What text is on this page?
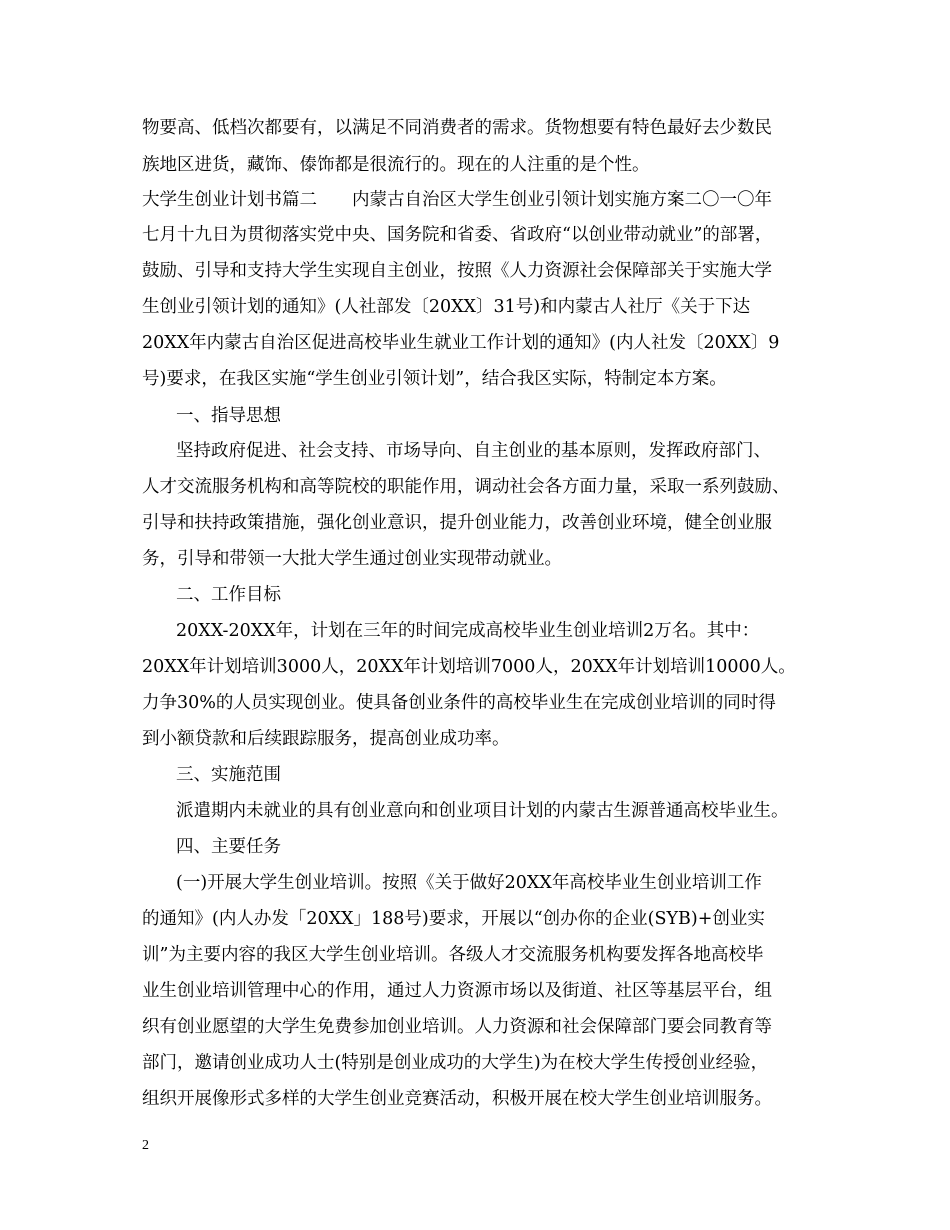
物要高、低档次都要有，以满足不同消费者的需求。货物想要有特色最好去少数民
族地区进货，藏饰、傣饰都是很流行的。现在的人注重的是个性。
大学生创业计划书篇二　　内蒙古自治区大学生创业引领计划实施方案二〇一〇年
七月十九日为贯彻落实党中央、国务院和省委、省政府“以创业带动就业”的部署，
鼓励、引导和支持大学生实现自主创业，按照《人力资源社会保障部关于实施大学
生创业引领计划的通知》(人社部发〔20XX〕31号)和内蒙古人社厅《关于下达
20XX年内蒙古自治区促进高校毕业生就业工作计划的通知》(内人社发〔20XX〕9
号)要求，在我区实施“学生创业引领计划”，结合我区实际，特制定本方案。
一、指导思想
坚持政府促进、社会支持、市场导向、自主创业的基本原则，发挥政府部门、
人才交流服务机构和高等院校的职能作用，调动社会各方面力量，采取一系列鼓励、
引导和扶持政策措施，强化创业意识，提升创业能力，改善创业环境，健全创业服
务，引导和带领一大批大学生通过创业实现带动就业。
二、工作目标
20XX-20XX年，计划在三年的时间完成高校毕业生创业培训2万名。其中：
20XX年计划培训3000人，20XX年计划培训7000人，20XX年计划培训10000人。
力争30%的人员实现创业。使具备创业条件的高校毕业生在完成创业培训的同时得
到小额贷款和后续跟踪服务，提高创业成功率。
三、实施范围
派遣期内未就业的具有创业意向和创业项目计划的内蒙古生源普通高校毕业生。
四、主要任务
(一)开展大学生创业培训。按照《关于做好20XX年高校毕业生创业培训工作
的通知》(内人办发「20XX」188号)要求，开展以“创办你的企业(SYB)+创业实
训”为主要内容的我区大学生创业培训。各级人才交流服务机构要发挥各地高校毕
业生创业培训管理中心的作用，通过人力资源市场以及街道、社区等基层平台，组
织有创业愿望的大学生免费参加创业培训。人力资源和社会保障部门要会同教育等
部门，邀请创业成功人士(特别是创业成功的大学生)为在校大学生传授创业经验，
组织开展像形式多样的大学生创业竞赛活动，积极开展在校大学生创业培训服务。
2
